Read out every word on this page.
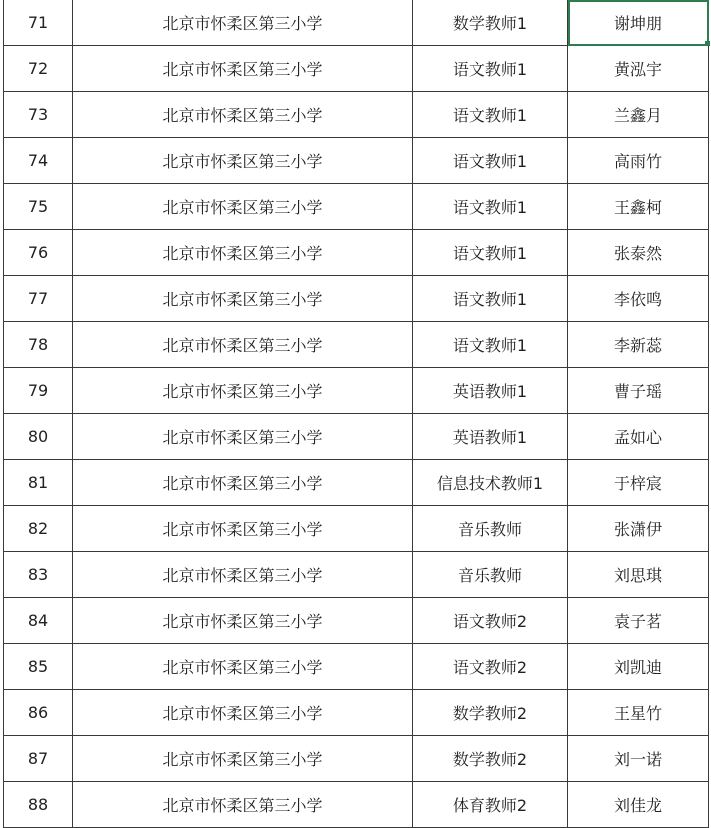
71	北京市怀柔区第三小学	数学教师1	谢坤朋
72	北京市怀柔区第三小学	语文教师1	黄泓宇
73	北京市怀柔区第三小学	语文教师1	兰鑫月
74	北京市怀柔区第三小学	语文教师1	高雨竹
75	北京市怀柔区第三小学	语文教师1	王鑫柯
76	北京市怀柔区第三小学	语文教师1	张泰然
77	北京市怀柔区第三小学	语文教师1	李依鸣
78	北京市怀柔区第三小学	语文教师1	李新蕊
79	北京市怀柔区第三小学	英语教师1	曹子瑶
80	北京市怀柔区第三小学	英语教师1	孟如心
81	北京市怀柔区第三小学	信息技术教师1	于梓宸
82	北京市怀柔区第三小学	音乐教师	张潇伊
83	北京市怀柔区第三小学	音乐教师	刘思琪
84	北京市怀柔区第三小学	语文教师2	袁子茗
85	北京市怀柔区第三小学	语文教师2	刘凯迪
86	北京市怀柔区第三小学	数学教师2	王星竹
87	北京市怀柔区第三小学	数学教师2	刘一诺
88	北京市怀柔区第三小学	体育教师2	刘佳龙
